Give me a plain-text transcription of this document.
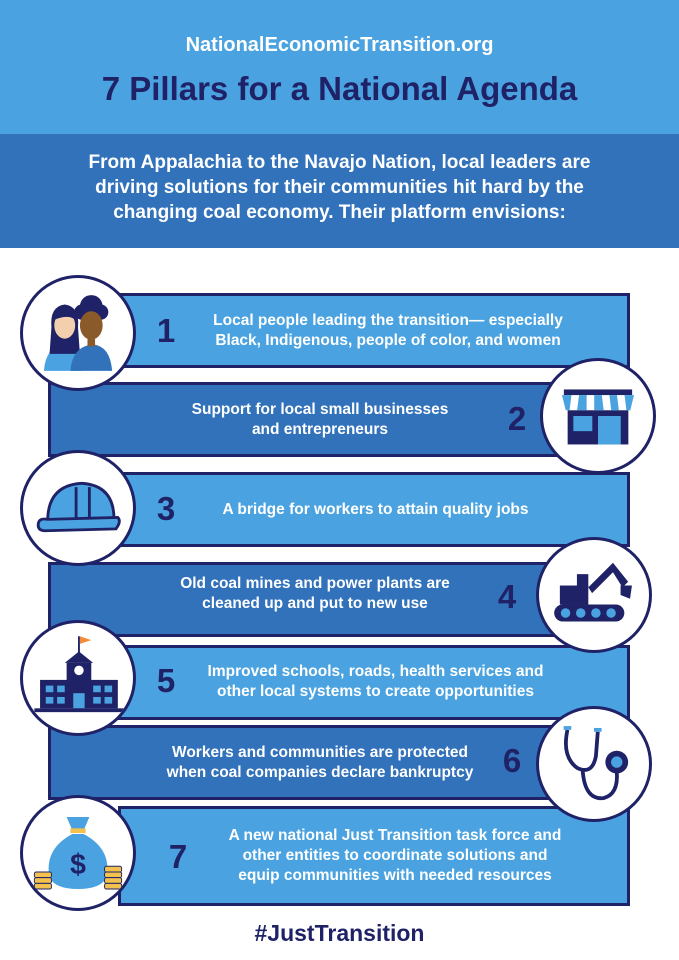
NationalEconomicTransition.org
7 Pillars for a National Agenda
From Appalachia to the Navajo Nation, local leaders are
driving solutions for their communities hit hard by the
changing coal economy. Their platform envisions:
1	Local people leading the transition— especially
Black, Indigenous, people of color, and women
2
Support for local small businesses
and entrepreneurs
3	A bridge for workers to attain quality jobs
4
Old coal mines and power plants are
cleaned up and put to new use
5	Improved schools, roads, health services and
other local systems to create opportunities
6
Workers and communities are protected
when coal companies declare bankruptcy
7
A new national Just Transition task force and
other entities to coordinate solutions and
equip communities with needed resources
$
#JustTransition
